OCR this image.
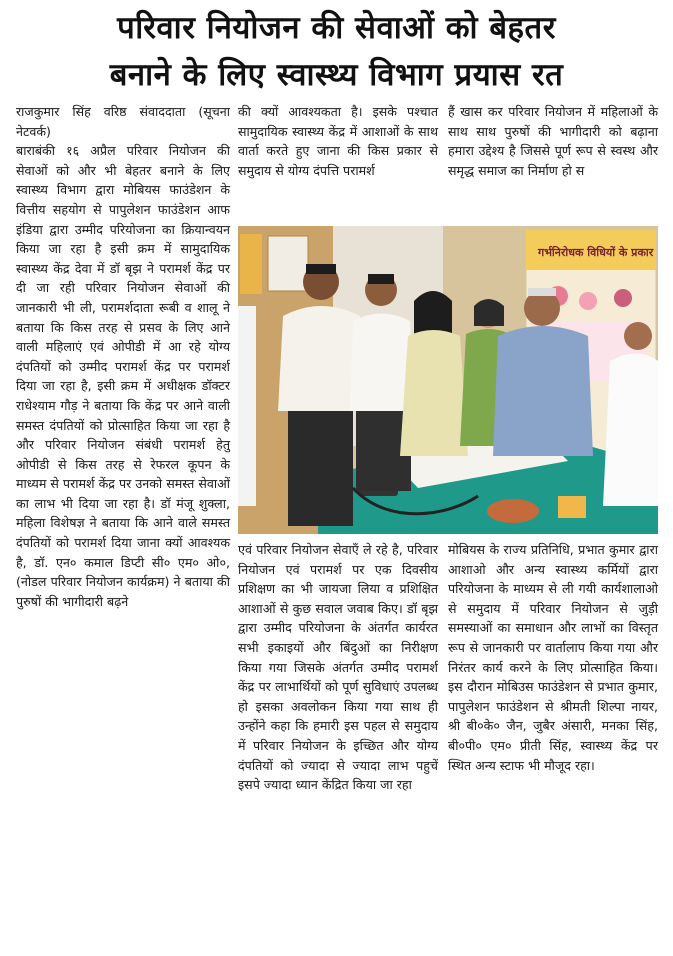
परिवार नियोजन की सेवाओं को बेहतर
बनाने के लिए स्वास्थ्य विभाग प्रयास रत

राजकुमार सिंह वरिष्ठ संवाददाता (सूचना नेटवर्क)

बाराबंकी १६ अप्रैल परिवार नियोजन की सेवाओं को और भी बेहतर बनाने के लिए स्वास्थ्य विभाग द्वारा मोबियस फाउंडेशन के वित्तीय सहयोग से पापुलेशन फाउंडेशन आफ इंडिया द्वारा उम्मीद परियोजना का क्रियान्वयन किया जा रहा है इसी क्रम में सामुदायिक स्वास्थ्य केंद्र देवा में डॉ बृझ ने परामर्श केंद्र पर दी जा रही परिवार नियोजन सेवाओं की जानकारी भी ली, परामर्शदाता रूबी व शालू ने बताया कि किस तरह से प्रसव के लिए आने वाली महिलाएं एवं ओपीडी में आ रहे योग्य दंपतियों को उम्मीद परामर्श केंद्र पर परामर्श दिया जा रहा है, इसी क्रम में अधीक्षक डॉक्टर राधेश्याम गौड़ ने बताया कि केंद्र पर आने वाली समस्त दंपतियों को प्रोत्साहित किया जा रहा है और परिवार नियोजन संबंधी परामर्श हेतु ओपीडी से किस तरह से रेफरल कूपन के माध्यम से परामर्श केंद्र पर उनको समस्त सेवाओं का लाभ भी दिया जा रहा है। डॉ मंजू शुक्ला, महिला विशेषज्ञ ने बताया कि आने वाले समस्त दंपतियों को परामर्श दिया जाना क्यों आवश्यक है, डॉ. एन० कमाल डिप्टी सी० एम० ओ०, (नोडल परिवार नियोजन कार्यक्रम) ने बताया की पुरुषों की भागीदारी बढ़ने

की क्यों आवश्यकता है। इसके पश्चात सामुदायिक स्वास्थ्य केंद्र में आशाओं के साथ वार्ता करते हुए जाना की किस प्रकार से समुदाय से योग्य दंपत्ति परामर्श

हैं खास कर परिवार नियोजन में महिलाओं के साथ साथ पुरुषों की भागीदारी को बढ़ाना हमारा उद्देश्य है जिससे पूर्ण रूप से स्वस्थ और समृद्ध समाज का निर्माण हो स

गर्भनिरोधक विधियों के प्रकार

एवं परिवार नियोजन सेवाएँ ले रहे है, परिवार नियोजन एवं परामर्श पर एक दिवसीय प्रशिक्षण का भी जायजा लिया व प्रशिक्षित आशाओं से कुछ सवाल जवाब किए। डॉ बृझ द्वारा उम्मीद परियोजना के अंतर्गत कार्यरत सभी इकाइयों और बिंदुओं का निरीक्षण किया गया जिसके अंतर्गत उम्मीद परामर्श केंद्र पर लाभार्थियों को पूर्ण सुविधाएं उपलब्ध हो इसका अवलोकन किया गया साथ ही उन्होंने कहा कि हमारी इस पहल से समुदाय में परिवार नियोजन के इच्छित और योग्य दंपतियों को ज्यादा से ज्यादा लाभ पहुचें इसपे ज्यादा ध्यान केंद्रित किया जा रहा

मोबियस के राज्य प्रतिनिधि, प्रभात कुमार द्वारा आशाओ और अन्य स्वास्थ्य कर्मियों द्वारा परियोजना के माध्यम से ली गयी कार्यशालाओ से समुदाय में परिवार नियोजन से जुड़ी समस्याओं का समाधान और लाभों का विस्तृत रूप से जानकारी पर वार्तालाप किया गया और निरंतर कार्य करने के लिए प्रोत्साहित किया। इस दौरान मोबिउस फाउंडेशन से प्रभात कुमार, पापुलेशन फाउंडेशन से श्रीमती शिल्पा नायर, श्री बी०के० जैन, जुबैर अंसारी, मनका सिंह, बी०पी० एम० प्रीती सिंह, स्वास्थ्य केंद्र पर स्थित अन्य स्टाफ भी मौजूद रहा।
